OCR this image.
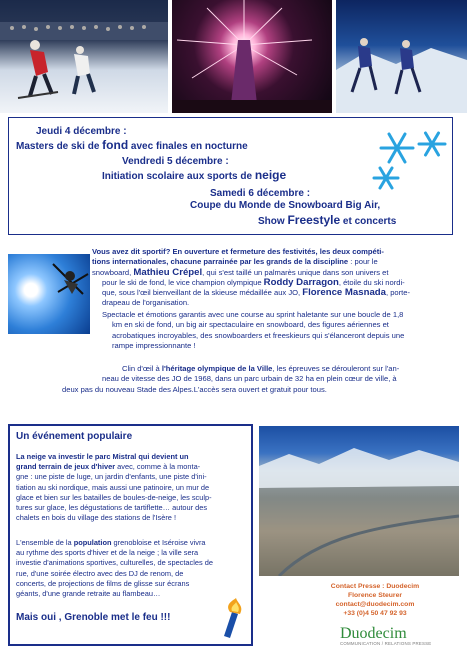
Jeudi 4 décembre :
Masters de ski de fond avec finales en nocturne
Vendredi 5 décembre :
Initiation scolaire aux sports de neige
Samedi 6 décembre :
Coupe du Monde de Snowboard Big Air,
Show Freestyle et concerts
Vous avez dit sportif? En ouverture et fermeture des festivités, les deux compéti-
tions internationales, chacune parrainée par les grands de la discipline : pour le
snowboard, Mathieu Crépel, qui s'est taillé un palmarès unique dans son univers et
pour le ski de fond, le vice champion olympique Roddy Darragon, étoile du ski nordi-
que, sous l'œil bienveillant de la skieuse médaillée aux JO, Florence Masnada, porte-
drapeau de l'organisation.
Spectacle et émotions garantis avec une course au sprint haletante sur une boucle de 1,8
km en ski de fond, un big air spectaculaire en snowboard, des figures aériennes et
acrobatiques incroyables, des snowboarders et freeskieurs qui s'élanceront depuis une
rampe impressionnante !
Clin d'œil à l'héritage olympique de la Ville, les épreuves se dérouleront sur l'an-
neau de vitesse des JO de 1968, dans un parc urbain de 32 ha en plein cœur de ville, à
deux pas du nouveau Stade des Alpes.L'accès sera ouvert et gratuit pour tous.
Un événement populaire
La neige va investir le parc Mistral qui devient un
grand terrain de jeux d'hiver avec, comme à la monta-
gne : une piste de luge, un jardin d'enfants, une piste d'ini-
tiation au ski nordique, mais aussi une patinoire, un mur de
glace et bien sur les batailles de boules-de-neige, les sculp-
tures sur glace, les dégustations de tartiflette… autour des
chalets en bois du village des stations de l'Isère !
L'ensemble de la population grenobloise et Iséroise vivra
au rythme des sports d'hiver et de la neige ; la ville sera
investie d'animations sportives, culturelles, de spectacles de
rue, d'une soirée électro avec des DJ de renom, de
concerts, de projections de films de glisse sur écrans
géants, d'une grande retraite au flambeau…
Mais oui , Grenoble met le feu !!!
Contact Presse : Duodecim
Florence Steurer
contact@duodecim.com
+33 (0)4 50 47 92 93
Duodecim
COMMUNICATION / RELATIONS PRESSE
